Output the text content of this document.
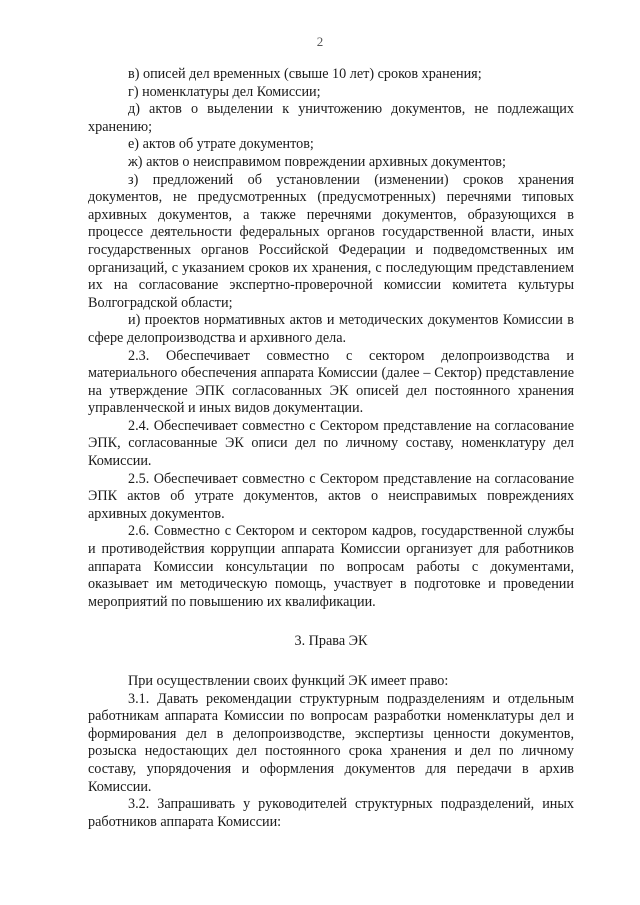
2

в) описей дел временных (свыше 10 лет) сроков хранения;

г) номенклатуры дел Комиссии;

д) актов о выделении к уничтожению документов, не подлежащих хранению;

е) актов об утрате документов;

ж) актов о неисправимом повреждении архивных документов;

з) предложений об установлении (изменении) сроков хранения документов, не предусмотренных (предусмотренных) перечнями типовых архивных документов, а также перечнями документов, образующихся в процессе деятельности федеральных органов государственной власти, иных государственных органов Российской Федерации и подведомственных им организаций, с указанием сроков их хранения, с последующим представлением их на согласование экспертно-проверочной комиссии комитета культуры Волгоградской области;

и) проектов нормативных актов и методических документов Комиссии в сфере делопроизводства и архивного дела.

2.3. Обеспечивает совместно с сектором делопроизводства и материального обеспечения аппарата Комиссии (далее – Сектор) представление на утверждение ЭПК согласованных ЭК описей дел постоянного хранения управленческой и иных видов документации.

2.4. Обеспечивает совместно с Сектором представление на согласование ЭПК, согласованные ЭК описи дел по личному составу, номенклатуру дел Комиссии.

2.5. Обеспечивает совместно с Сектором представление на согласование ЭПК актов об утрате документов, актов о неисправимых повреждениях архивных документов.

2.6. Совместно с Сектором и сектором кадров, государственной службы и противодействия коррупции аппарата Комиссии организует для работников аппарата Комиссии консультации по вопросам работы с документами, оказывает им методическую помощь, участвует в подготовке и проведении мероприятий по повышению их квалификации.

3. Права ЭК

При осуществлении своих функций ЭК имеет право:

3.1. Давать рекомендации структурным подразделениям и отдельным работникам аппарата Комиссии по вопросам разработки номенклатуры дел и формирования дел в делопроизводстве, экспертизы ценности документов, розыска недостающих дел постоянного срока хранения и дел по личному составу, упорядочения и оформления документов для передачи в архив Комиссии.

3.2. Запрашивать у руководителей структурных подразделений, иных работников аппарата Комиссии:
